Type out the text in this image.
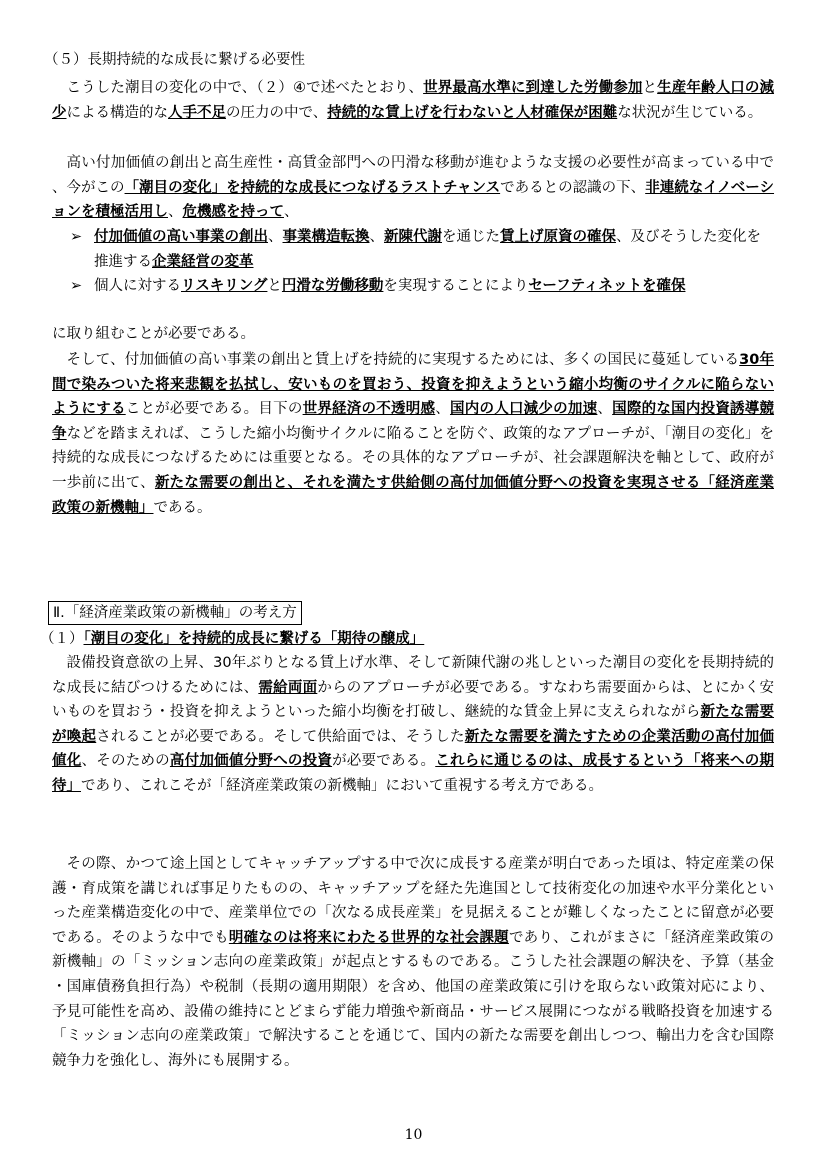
（５）長期持続的な成長に繋げる必要性

こうした潮目の変化の中で、（２）④で述べたとおり、世界最高水準に到達した労働参加と生産年齢人口の減少による構造的な人手不足の圧力の中で、持続的な賃上げを行わないと人材確保が困難な状況が生じている。

高い付加価値の創出と高生産性・高賃金部門への円滑な移動が進むような支援の必要性が高まっている中で、今がこの「潮目の変化」を持続的な成長につなげるラストチャンスであるとの認識の下、非連続なイノベーションを積極活用し、危機感を持って、

➢ 付加価値の高い事業の創出、事業構造転換、新陳代謝を通じた賃上げ原資の確保、及びそうした変化を推進する企業経営の変革
➢ 個人に対するリスキリングと円滑な労働移動を実現することによりセーフティネットを確保

に取り組むことが必要である。

そして、付加価値の高い事業の創出と賃上げを持続的に実現するためには、多くの国民に蔓延している30年間で染みついた将来悲観を払拭し、安いものを買おう、投資を抑えようという縮小均衡のサイクルに陥らないようにすることが必要である。目下の世界経済の不透明感、国内の人口減少の加速、国際的な国内投資誘導競争などを踏まえれば、こうした縮小均衡サイクルに陥ることを防ぐ、政策的なアプローチが、「潮目の変化」を持続的な成長につなげるためには重要となる。その具体的なアプローチが、社会課題解決を軸として、政府が一歩前に出て、新たな需要の創出と、それを満たす供給側の高付加価値分野への投資を実現させる「経済産業政策の新機軸」である。

Ⅱ.「経済産業政策の新機軸」の考え方
（１）「潮目の変化」を持続的成長に繋げる「期待の醸成」

設備投資意欲の上昇、30年ぶりとなる賃上げ水準、そして新陳代謝の兆しといった潮目の変化を長期持続的な成長に結びつけるためには、需給両面からのアプローチが必要である。すなわち需要面からは、とにかく安いものを買おう・投資を抑えようといった縮小均衡を打破し、継続的な賃金上昇に支えられながら新たな需要が喚起されることが必要である。そして供給面では、そうした新たな需要を満たすための企業活動の高付加価値化、そのための高付加価値分野への投資が必要である。これらに通じるのは、成長するという「将来への期待」であり、これこそが「経済産業政策の新機軸」において重視する考え方である。

その際、かつて途上国としてキャッチアップする中で次に成長する産業が明白であった頃は、特定産業の保護・育成策を講じれば事足りたものの、キャッチアップを経た先進国として技術変化の加速や水平分業化といった産業構造変化の中で、産業単位での「次なる成長産業」を見据えることが難しくなったことに留意が必要である。そのような中でも明確なのは将来にわたる世界的な社会課題であり、これがまさに「経済産業政策の新機軸」の「ミッション志向の産業政策」が起点とするものである。こうした社会課題の解決を、予算（基金・国庫債務負担行為）や税制（長期の適用期限）を含め、他国の産業政策に引けを取らない政策対応により、予見可能性を高め、設備の維持にとどまらず能力増強や新商品・サービス展開につながる戦略投資を加速する「ミッション志向の産業政策」で解決することを通じて、国内の新たな需要を創出しつつ、輸出力を含む国際競争力を強化し、海外にも展開する。

10
